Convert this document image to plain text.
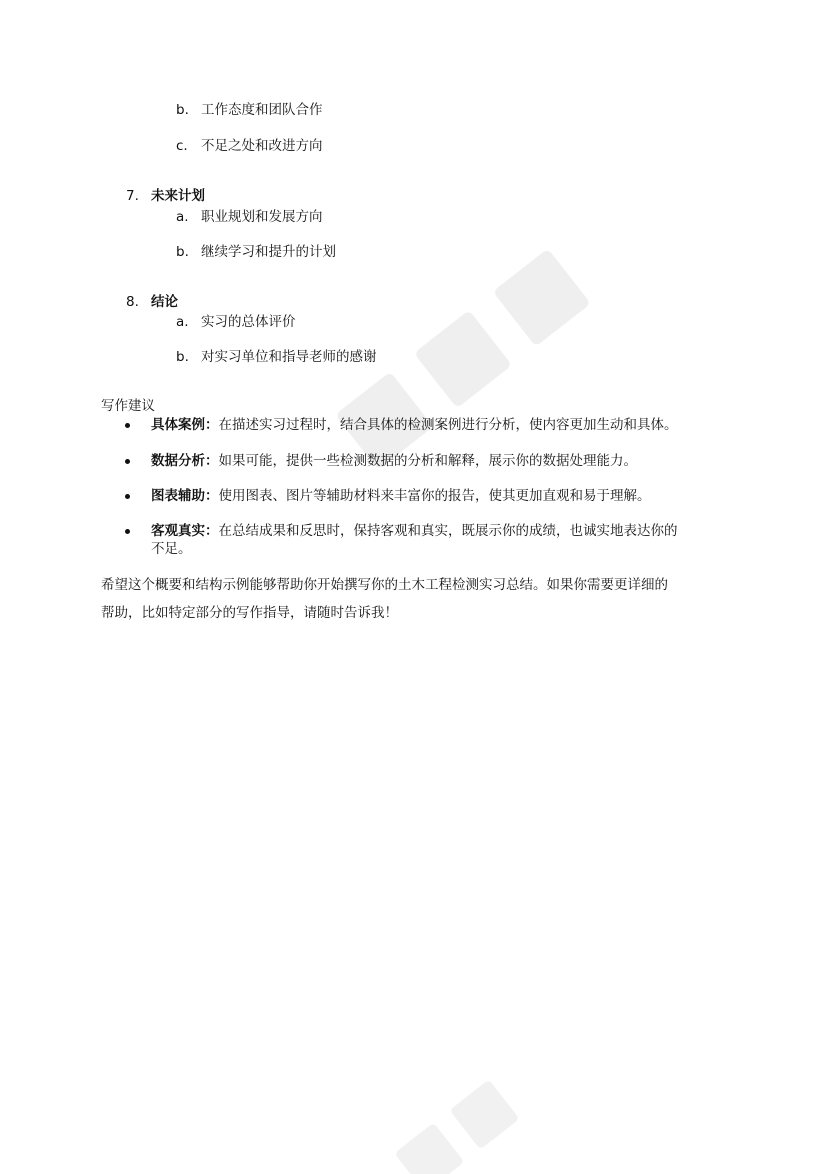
b. 工作态度和团队合作
c. 不足之处和改进方向
7. 未来计划
a. 职业规划和发展方向
b. 继续学习和提升的计划
8. 结论
a. 实习的总体评价
b. 对实习单位和指导老师的感谢
写作建议
具体案例：在描述实习过程时，结合具体的检测案例进行分析，使内容更加生动和具体。
数据分析：如果可能，提供一些检测数据的分析和解释，展示你的数据处理能力。
图表辅助：使用图表、图片等辅助材料来丰富你的报告，使其更加直观和易于理解。
客观真实：在总结成果和反思时，保持客观和真实，既展示你的成绩，也诚实地表达你的
不足。
希望这个概要和结构示例能够帮助你开始撰写你的土木工程检测实习总结。如果你需要更详细的
帮助，比如特定部分的写作指导，请随时告诉我！
